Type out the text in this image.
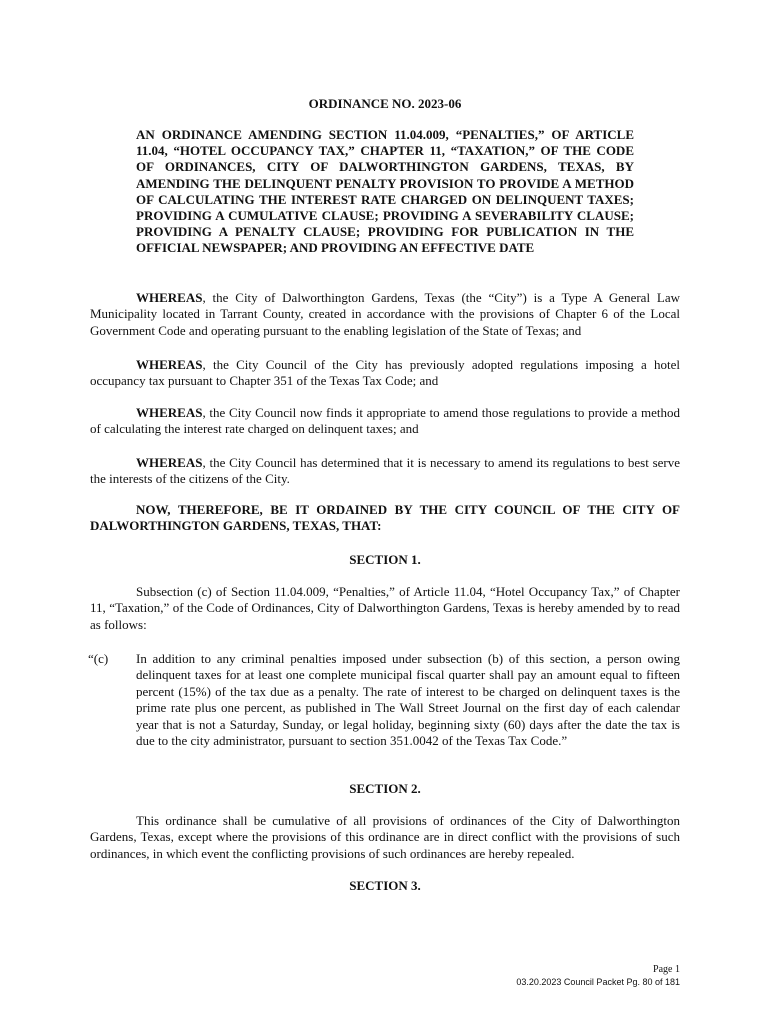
ORDINANCE NO. 2023-06
AN ORDINANCE AMENDING SECTION 11.04.009, “PENALTIES,” OF ARTICLE 11.04, “HOTEL OCCUPANCY TAX,” CHAPTER 11, “TAXATION,” OF THE CODE OF ORDINANCES, CITY OF DALWORTHINGTON GARDENS, TEXAS, BY AMENDING THE DELINQUENT PENALTY PROVISION TO PROVIDE A METHOD OF CALCULATING THE INTEREST RATE CHARGED ON DELINQUENT TAXES; PROVIDING A CUMULATIVE CLAUSE; PROVIDING A SEVERABILITY CLAUSE; PROVIDING A PENALTY CLAUSE; PROVIDING FOR PUBLICATION IN THE OFFICIAL NEWSPAPER; AND PROVIDING AN EFFECTIVE DATE

WHEREAS, the City of Dalworthington Gardens, Texas (the “City”) is a Type A General Law Municipality located in Tarrant County, created in accordance with the provisions of Chapter 6 of the Local Government Code and operating pursuant to the enabling legislation of the State of Texas; and

WHEREAS, the City Council of the City has previously adopted regulations imposing a hotel occupancy tax pursuant to Chapter 351 of the Texas Tax Code; and

WHEREAS, the City Council now finds it appropriate to amend those regulations to provide a method of calculating the interest rate charged on delinquent taxes; and

WHEREAS, the City Council has determined that it is necessary to amend its regulations to best serve the interests of the citizens of the City.

NOW, THEREFORE, BE IT ORDAINED BY THE CITY COUNCIL OF THE CITY OF DALWORTHINGTON GARDENS, TEXAS, THAT:

SECTION 1.

Subsection (c) of Section 11.04.009, “Penalties,” of Article 11.04, “Hotel Occupancy Tax,” of Chapter 11, “Taxation,” of the Code of Ordinances, City of Dalworthington Gardens, Texas is hereby amended by to read as follows:

“(c) In addition to any criminal penalties imposed under subsection (b) of this section, a person owing delinquent taxes for at least one complete municipal fiscal quarter shall pay an amount equal to fifteen percent (15%) of the tax due as a penalty. The rate of interest to be charged on delinquent taxes is the prime rate plus one percent, as published in The Wall Street Journal on the first day of each calendar year that is not a Saturday, Sunday, or legal holiday, beginning sixty (60) days after the date the tax is due to the city administrator, pursuant to section 351.0042 of the Texas Tax Code.”

SECTION 2.

This ordinance shall be cumulative of all provisions of ordinances of the City of Dalworthington Gardens, Texas, except where the provisions of this ordinance are in direct conflict with the provisions of such ordinances, in which event the conflicting provisions of such ordinances are hereby repealed.

SECTION 3.
Page 1
03.20.2023 Council Packet Pg. 80 of 181
